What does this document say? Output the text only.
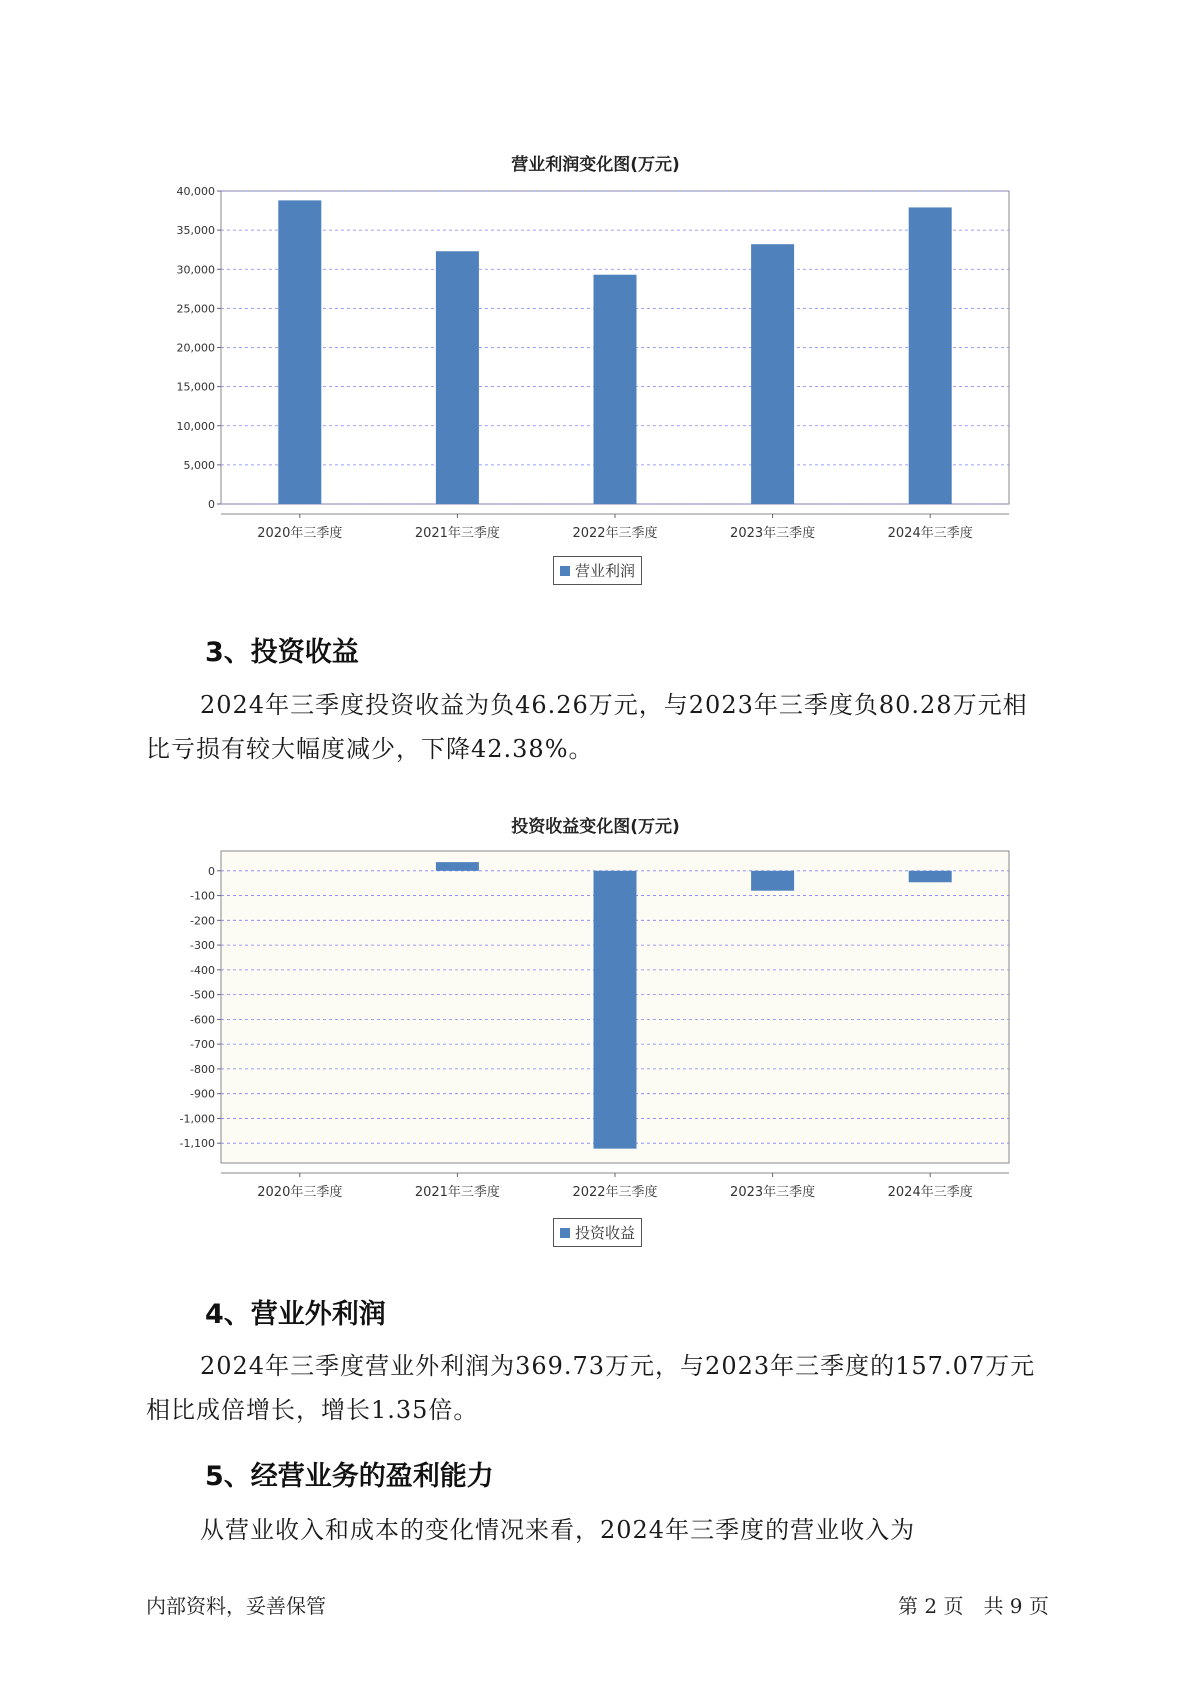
营业利润变化图(万元)
0
5,000
10,000
15,000
20,000
25,000
30,000
35,000
40,000
2020年三季度	2021年三季度	2022年三季度	2023年三季度	2024年三季度
营业利润
3、投资收益

2024年三季度投资收益为负46.26万元，与2023年三季度负80.28万元相比亏损有较大幅度减少，下降42.38%。

投资收益变化图(万元)
0
-100
-200
-300
-400
-500
-600
-700
-800
-900
-1,000
-1,100
2020年三季度	2021年三季度	2022年三季度	2023年三季度	2024年三季度
投资收益
4、营业外利润

2024年三季度营业外利润为369.73万元，与2023年三季度的157.07万元相比成倍增长，增长1.35倍。

5、经营业务的盈利能力

从营业收入和成本的变化情况来看，2024年三季度的营业收入为

内部资料，妥善保管	第 2 页　共 9 页
